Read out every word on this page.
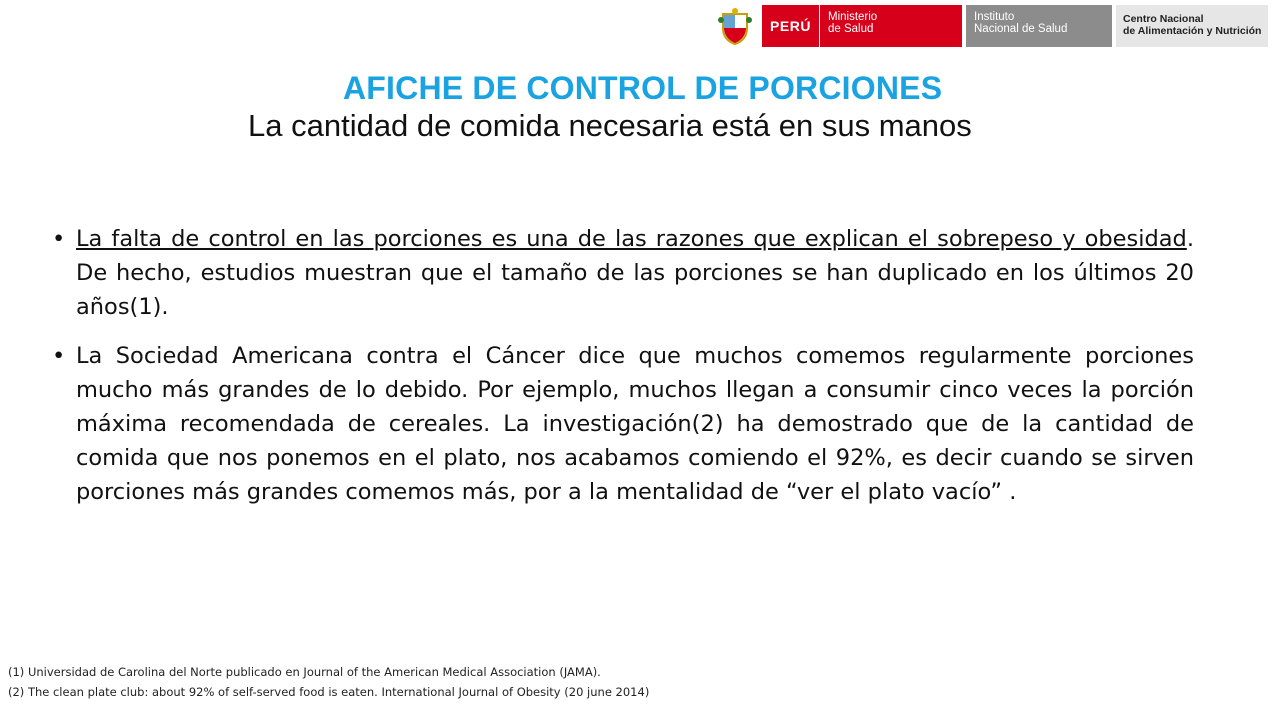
PERÚ
Ministerio
de Salud
Instituto
Nacional de Salud
Centro Nacional
de Alimentación y Nutrición
AFICHE DE CONTROL DE PORCIONES

La cantidad de comida necesaria está en sus manos

• La falta de control en las porciones es una de las razones que explican el sobrepeso y obesidad. De hecho, estudios muestran que el tamaño de las porciones se han duplicado en los últimos 20 años(1).
• La Sociedad Americana contra el Cáncer dice que muchos comemos regularmente porciones mucho más grandes de lo debido. Por ejemplo, muchos llegan a consumir cinco veces la porción máxima recomendada de cereales. La investigación(2) ha demostrado que de la cantidad de comida que nos ponemos en el plato, nos acabamos comiendo el 92%, es decir cuando se sirven porciones más grandes comemos más, por a la mentalidad de “ver el plato vacío” .
(1) Universidad de Carolina del Norte publicado en Journal of the American Medical Association (JAMA).
(2) The clean plate club: about 92% of self-served food is eaten. International Journal of Obesity (20 june 2014)
